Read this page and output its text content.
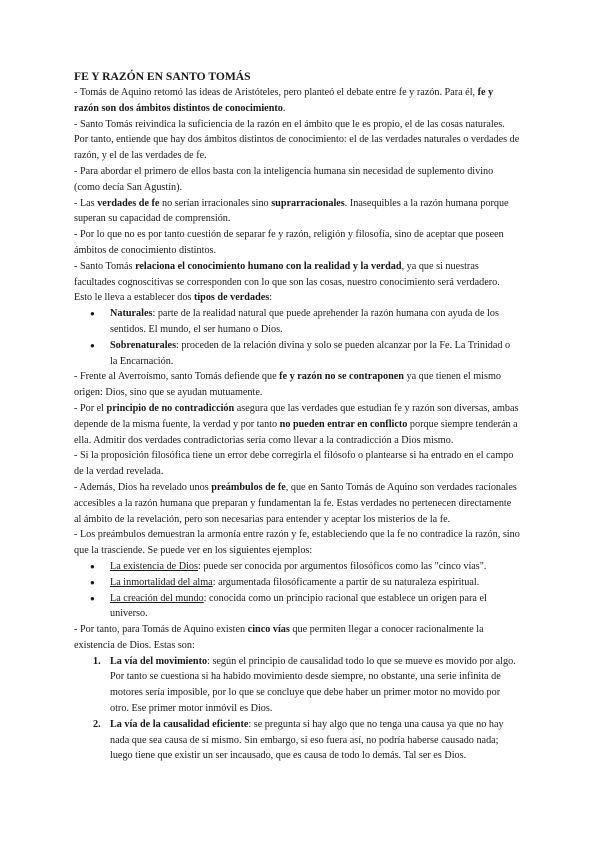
FE Y RAZÓN EN SANTO TOMÁS

- Tomás de Aquino retomó las ideas de Aristóteles, pero planteó el debate entre fe y razón. Para él, fe y razón son dos ámbitos distintos de conocimiento.

- Santo Tomás reivindica la suficiencia de la razón en el ámbito que le es propio, el de las cosas naturales. Por tanto, entiende que hay dos ámbitos distintos de conocimiento: el de las verdades naturales o verdades de razón, y el de las verdades de fe.

- Para abordar el primero de ellos basta con la inteligencia humana sin necesidad de suplemento divino (como decía San Agustín).

- Las verdades de fe no serían irracionales sino suprarracionales. Inasequibles a la razón humana porque superan su capacidad de comprensión.

- Por lo que no es por tanto cuestión de separar fe y razón, religión y filosofía, sino de aceptar que poseen ámbitos de conocimiento distintos.

- Santo Tomás relaciona el conocimiento humano con la realidad y la verdad, ya que si nuestras facultades cognoscitivas se corresponden con lo que son las cosas, nuestro conocimiento será verdadero. Esto le lleva a establecer dos tipos de verdades:

● Naturales: parte de la realidad natural que puede aprehender la razón humana con ayuda de los sentidos. El mundo, el ser humano o Dios.
● Sobrenaturales: proceden de la relación divina y solo se pueden alcanzar por la Fe. La Trinidad o la Encarnación.

- Frente al Averroísmo, santo Tomás defiende que fe y razón no se contraponen ya que tienen el mismo origen: Dios, sino que se ayudan mutuamente.

- Por el principio de no contradicción asegura que las verdades que estudian fe y razón son diversas, ambas depende de la misma fuente, la verdad y por tanto no pueden entrar en conflicto porque siempre tenderán a ella. Admitir dos verdades contradictorias sería como llevar a la contradicción a Dios mismo.

- Si la proposición filosófica tiene un error debe corregirla el filósofo o plantearse si ha entrado en el campo de la verdad revelada.

- Además, Dios ha revelado unos preámbulos de fe, que en Santo Tomás de Aquino son verdades racionales accesibles a la razón humana que preparan y fundamentan la fe. Estas verdades no pertenecen directamente al ámbito de la revelación, pero son necesarias para entender y aceptar los misterios de la fe.

- Los preámbulos demuestran la armonía entre razón y fe, estableciendo que la fe no contradice la razón, sino que la trasciende. Se puede ver en los siguientes ejemplos:

● La existencia de Dios: puede ser conocida por argumentos filosóficos como las "cinco vías".
● La inmortalidad del alma: argumentada filosóficamente a partir de su naturaleza espiritual.
● La creación del mundo: conocida como un principio racional que establece un origen para el universo.

- Por tanto, para Tomás de Aquino existen cinco vías que permiten llegar a conocer racionalmente la existencia de Dios. Estas son:

1. La vía del movimiento: según el principio de causalidad todo lo que se mueve es movido por algo. Por tanto se cuestiona si ha habido movimiento desde siempre, no obstante, una serie infinita de motores sería imposible, por lo que se concluye que debe haber un primer motor no movido por otro. Ese primer motor inmóvil es Dios.
2. La vía de la causalidad eficiente: se pregunta si hay algo que no tenga una causa ya que no hay nada que sea causa de sí mismo. Sin embargo, si eso fuera así, no podría haberse causado nada; luego tiene que existir un ser incausado, que es causa de todo lo demás. Tal ser es Dios.
